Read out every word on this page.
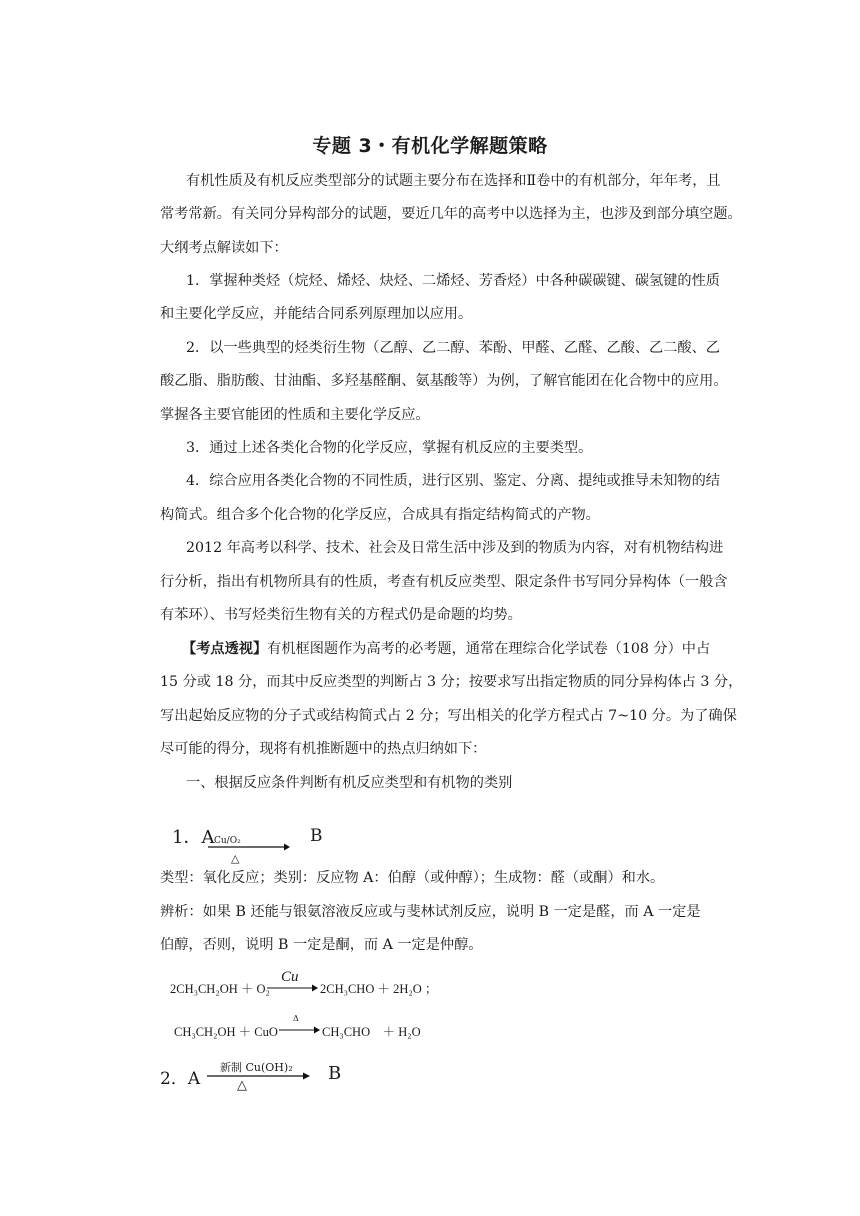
专题 3・有机化学解题策略
有机性质及有机反应类型部分的试题主要分布在选择和Ⅱ卷中的有机部分，年年考，且
常考常新。有关同分异构部分的试题，要近几年的高考中以选择为主，也涉及到部分填空题。
大纲考点解读如下：
1．掌握种类烃（烷烃、烯烃、炔烃、二烯烃、芳香烃）中各种碳碳键、碳氢键的性质
和主要化学反应，并能结合同系列原理加以应用。
2．以一些典型的烃类衍生物（乙醇、乙二醇、苯酚、甲醛、乙醛、乙酸、乙二酸、乙
酸乙脂、脂肪酸、甘油酯、多羟基醛酮、氨基酸等）为例，了解官能团在化合物中的应用。
掌握各主要官能团的性质和主要化学反应。
3．通过上述各类化合物的化学反应，掌握有机反应的主要类型。
4．综合应用各类化合物的不同性质，进行区别、鉴定、分离、提纯或推导未知物的结
构简式。组合多个化合物的化学反应，合成具有指定结构简式的产物。
2012 年高考以科学、技术、社会及日常生活中涉及到的物质为内容，对有机物结构进
行分析，指出有机物所具有的性质，考查有机反应类型、限定条件书写同分异构体（一般含
有苯环）、书写烃类衍生物有关的方程式仍是命题的均势。
【考点透视】有机框图题作为高考的必考题，通常在理综合化学试卷（108 分）中占
15 分或 18 分，而其中反应类型的判断占 3 分；按要求写出指定物质的同分异构体占 3 分，
写出起始反应物的分子式或结构简式占 2 分；写出相关的化学方程式占 7~10 分。为了确保
尽可能的得分，现将有机推断题中的热点归纳如下：
一、根据反应条件判断有机反应类型和有机物的类别
1．A Cu/O₂
△
B
类型：氧化反应；类别：反应物 A：伯醇（或仲醇）；生成物：醛（或酮）和水。
辨析：如果 B 还能与银氨溶液反应或与斐林试剂反应，说明 B 一定是醛，而 A 一定是
伯醇，否则，说明 B 一定是酮，而 A 一定是仲醇。
2CH₃CH₂OH ＋ O₂
Cu
2CH₃CHO ＋ 2H₂O ；
CH₃CH₂OH ＋ CuO
Δ
CH₃CHO　＋ H₂O
2．A
新制 Cu(OH)₂
△
B
